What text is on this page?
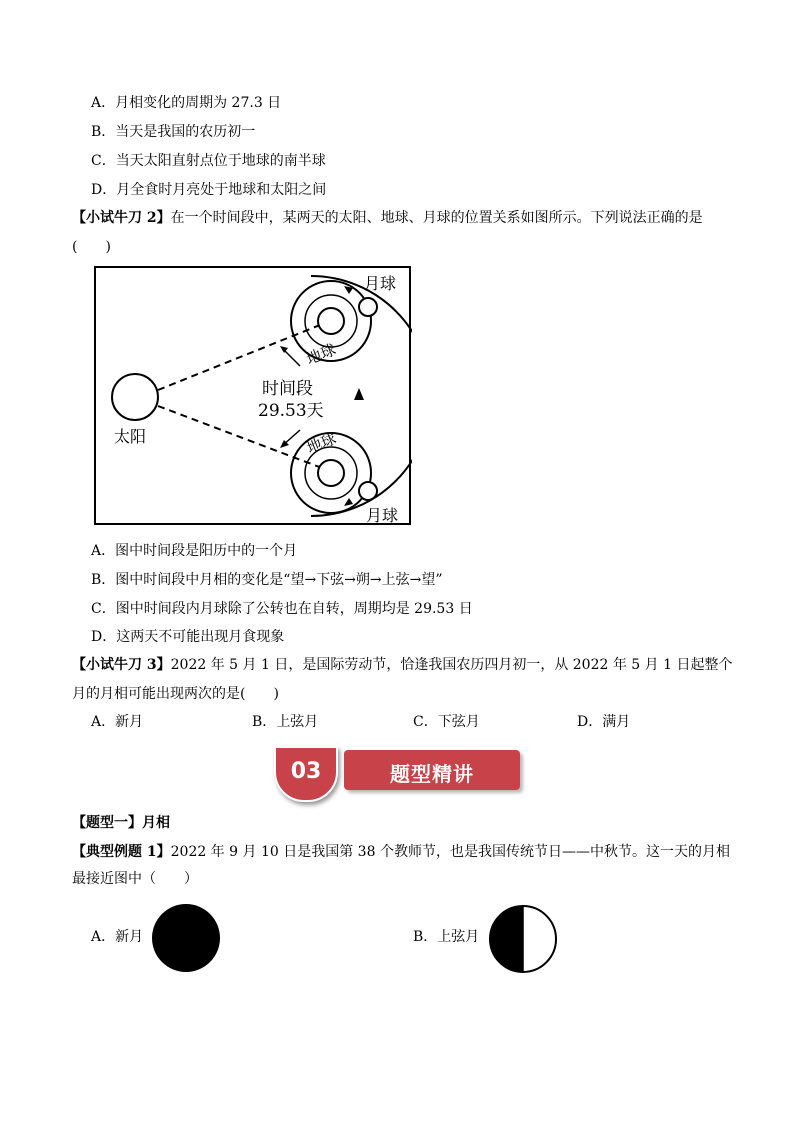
A．月相变化的周期为 27.3 日
B．当天是我国的农历初一
C．当天太阳直射点位于地球的南半球
D．月全食时月亮处于地球和太阳之间
【小试牛刀 2】在一个时间段中，某两天的太阳、地球、月球的位置关系如图所示。下列说法正确的是
(　　)
太阳
月球
地球
时间段
29.53天
地球
月球
A．图中时间段是阳历中的一个月
B．图中时间段中月相的变化是“望→下弦→朔→上弦→望”
C．图中时间段内月球除了公转也在自转，周期均是 29.53 日
D．这两天不可能出现月食现象
【小试牛刀 3】2022 年 5 月 1 日，是国际劳动节，恰逢我国农历四月初一，从 2022 年 5 月 1 日起整个
月的月相可能出现两次的是(　　)
A．新月	B．上弦月	C．下弦月	D．满月
题型精讲
03
【题型一】月相
【典型例题 1】2022 年 9 月 10 日是我国第 38 个教师节，也是我国传统节日——中秋节。这一天的月相
最接近图中（　　）
A．新月	B．上弦月
